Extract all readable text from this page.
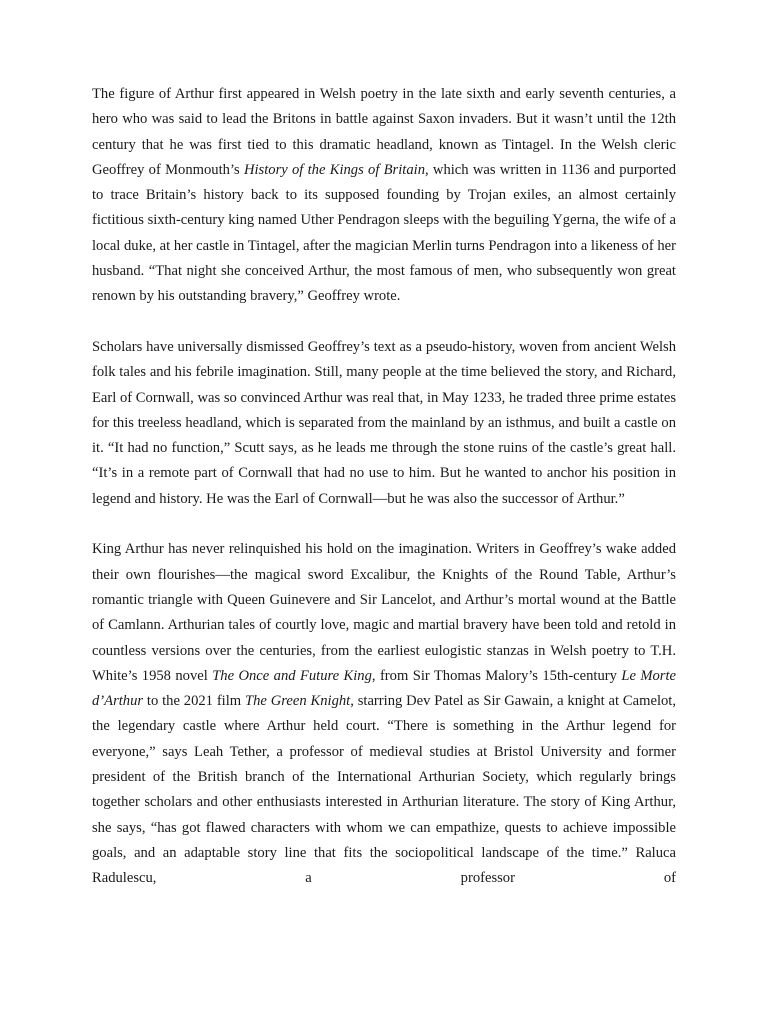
The figure of Arthur first appeared in Welsh poetry in the late sixth and early seventh centuries, a hero who was said to lead the Britons in battle against Saxon invaders. But it wasn’t until the 12th century that he was first tied to this dramatic headland, known as Tintagel. In the Welsh cleric Geoffrey of Monmouth’s History of the Kings of Britain, which was written in 1136 and purported to trace Britain’s history back to its supposed founding by Trojan exiles, an almost certainly fictitious sixth-century king named Uther Pendragon sleeps with the beguiling Ygerna, the wife of a local duke, at her castle in Tintagel, after the magician Merlin turns Pendragon into a likeness of her husband. “That night she conceived Arthur, the most famous of men, who subsequently won great renown by his outstanding bravery,” Geoffrey wrote.

Scholars have universally dismissed Geoffrey’s text as a pseudo-history, woven from ancient Welsh folk tales and his febrile imagination. Still, many people at the time believed the story, and Richard, Earl of Cornwall, was so convinced Arthur was real that, in May 1233, he traded three prime estates for this treeless headland, which is separated from the mainland by an isthmus, and built a castle on it. “It had no function,” Scutt says, as he leads me through the stone ruins of the castle’s great hall. “It’s in a remote part of Cornwall that had no use to him. But he wanted to anchor his position in legend and history. He was the Earl of Cornwall—but he was also the successor of Arthur.”

King Arthur has never relinquished his hold on the imagination. Writers in Geoffrey’s wake added their own flourishes—the magical sword Excalibur, the Knights of the Round Table, Arthur’s romantic triangle with Queen Guinevere and Sir Lancelot, and Arthur’s mortal wound at the Battle of Camlann. Arthurian tales of courtly love, magic and martial bravery have been told and retold in countless versions over the centuries, from the earliest eulogistic stanzas in Welsh poetry to T.H. White’s 1958 novel The Once and Future King, from Sir Thomas Malory’s 15th-century Le Morte d’Arthur to the 2021 film The Green Knight, starring Dev Patel as Sir Gawain, a knight at Camelot, the legendary castle where Arthur held court. “There is something in the Arthur legend for everyone,” says Leah Tether, a professor of medieval studies at Bristol University and former president of the British branch of the International Arthurian Society, which regularly brings together scholars and other enthusiasts interested in Arthurian literature. The story of King Arthur, she says, “has got flawed characters with whom we can empathize, quests to achieve impossible goals, and an adaptable story line that fits the sociopolitical landscape of the time.” Raluca Radulescu, a professor of
